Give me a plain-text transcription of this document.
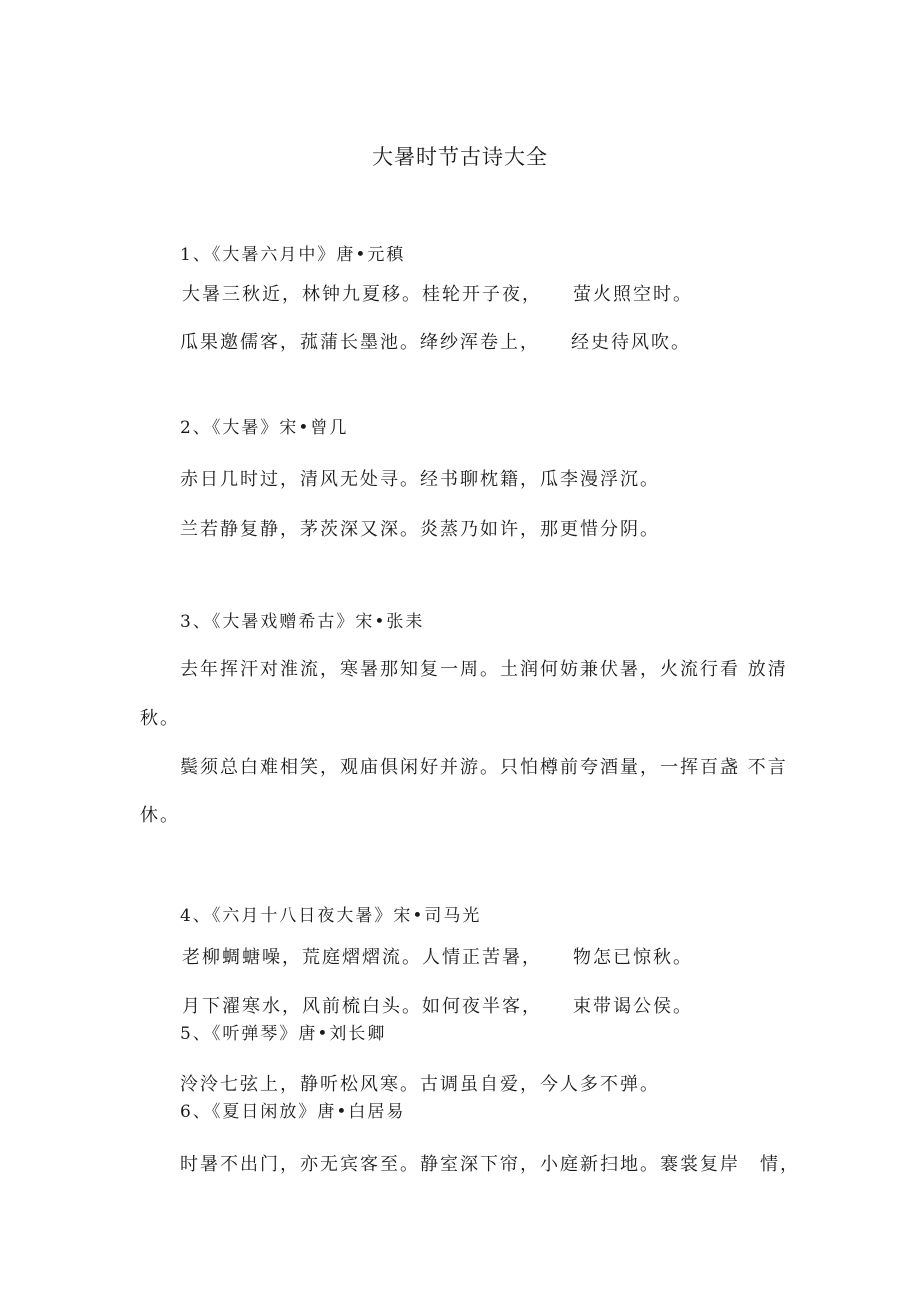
大暑时节古诗大全
1、《大暑六月中》唐•元稹
大暑三秋近，林钟九夏移。桂轮开子夜，　　萤火照空时。
瓜果邀儒客，菰蒲长墨池。绛纱浑卷上，　　经史待风吹。
2、《大暑》宋•曾几
赤日几时过，清风无处寻。经书聊枕籍，瓜李漫浮沉。
兰若静复静，茅茨深又深。炎蒸乃如许，那更惜分阴。
3、《大暑戏赠希古》宋•张耒
去年挥汗对淮流，寒暑那知复一周。土润何妨兼伏暑，火流行看 放清
秋。
鬓须总白难相笑，观庙俱闲好并游。只怕樽前夸酒量，一挥百盏 不言
休。
4、《六月十八日夜大暑》宋•司马光
老柳蜩螗噪，荒庭熠熠流。人情正苦暑，　　物怎已惊秋。
月下濯寒水，风前梳白头。如何夜半客，　　束带谒公侯。
5、《听弹琴》唐•刘长卿
泠泠七弦上，静听松风寒。古调虽自爱，今人多不弹。
6、《夏日闲放》唐•白居易
时暑不出门，亦无宾客至。静室深下帘，小庭新扫地。褰裳复岸　情，
